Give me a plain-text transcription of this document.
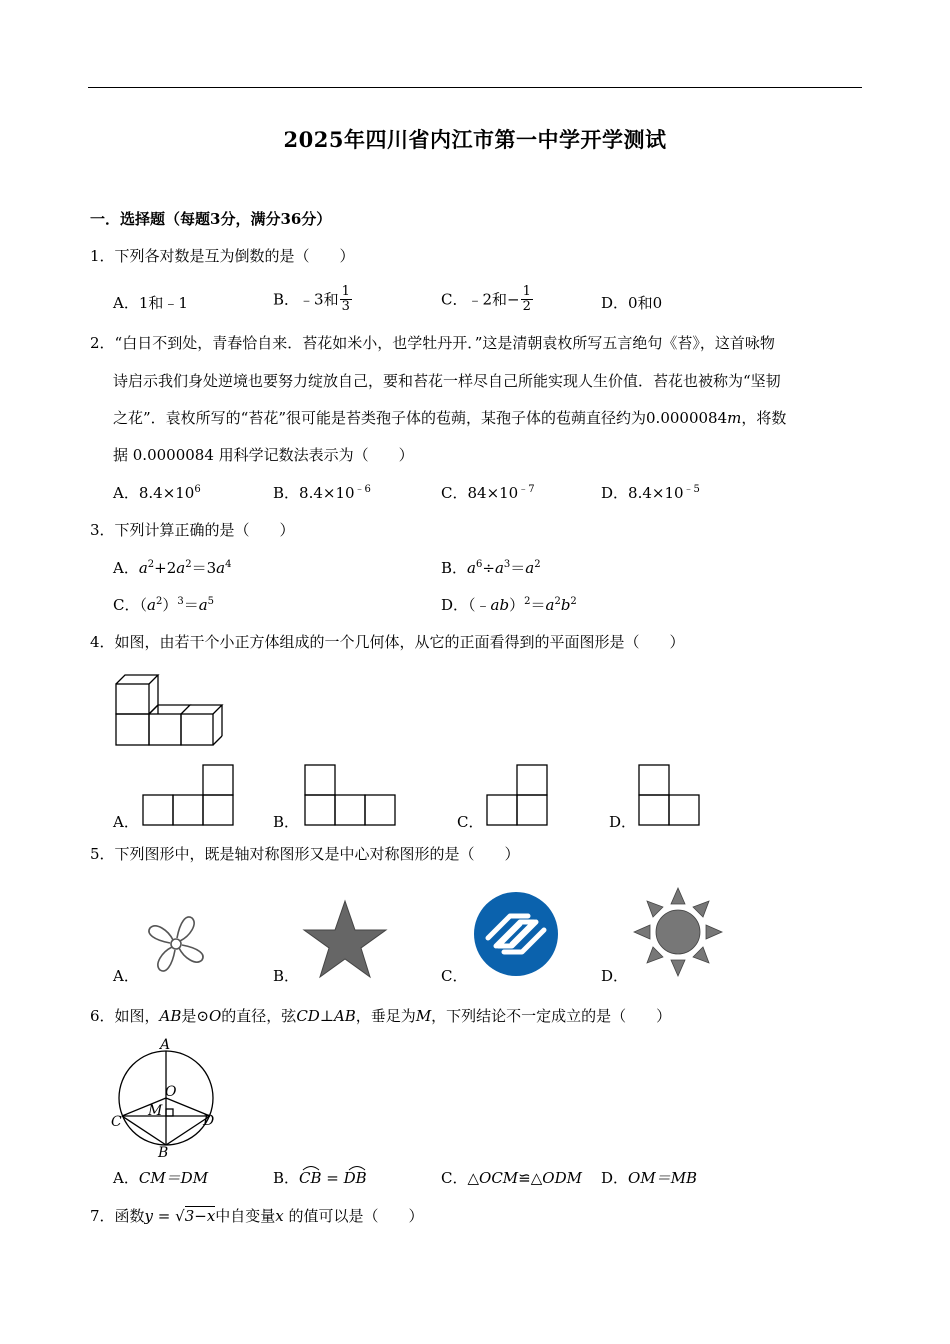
2025年四川省内江市第一中学开学测试
一．选择题（每题3分，满分36分）
1．下列各对数是互为倒数的是（　　）
A．1和﹣1	B．﹣3和 $\frac{1}{3}$	C．﹣2和− $\frac{1}{2}$	D．0和0
2．“白日不到处，青春恰自来．苔花如米小，也学牡丹开．”这是清朝袁枚所写五言绝句《苔》，这首咏物
诗启示我们身处逆境也要努力绽放自己，要和苔花一样尽自己所能实现人生价值．苔花也被称为“坚韧
之花”．袁枚所写的“苔花”很可能是苔类孢子体的苞蒴，某孢子体的苞蒴直径约为0.0000084m，将数
据 0.0000084 用科学记数法表示为（　　）
A．$8.4\times 10^6$	B．$8.4\times 10^{﹣6}$	C．$84\times 10^{﹣7}$	D．$8.4\times 10^{﹣5}$
3．下列计算正确的是（　　）
A．$a^2+2a^2=3a^4$	B．$a^6\div a^3=a^2$
C．$(a^2)^3=a^5$	D．$(﹣ab)^2=a^2b^2$
4．如图，由若干个小正方体组成的一个几何体，从它的正面看得到的平面图形是（　　）
A．	B．	C．	D．
5．下列图形中，既是轴对称图形又是中心对称图形的是（　　）
A．	B．	C．	D．
6．如图，AB是⊙O的直径，弦CD⊥AB，垂足为M，下列结论不一定成立的是（　　）
A
O
M
C	D
B
A．CM＝DM	B．CB = DB	C．△OCM≌△ODM D．OM＝MB
7．函数y = √3−x中自变量x 的值可以是（　　）
